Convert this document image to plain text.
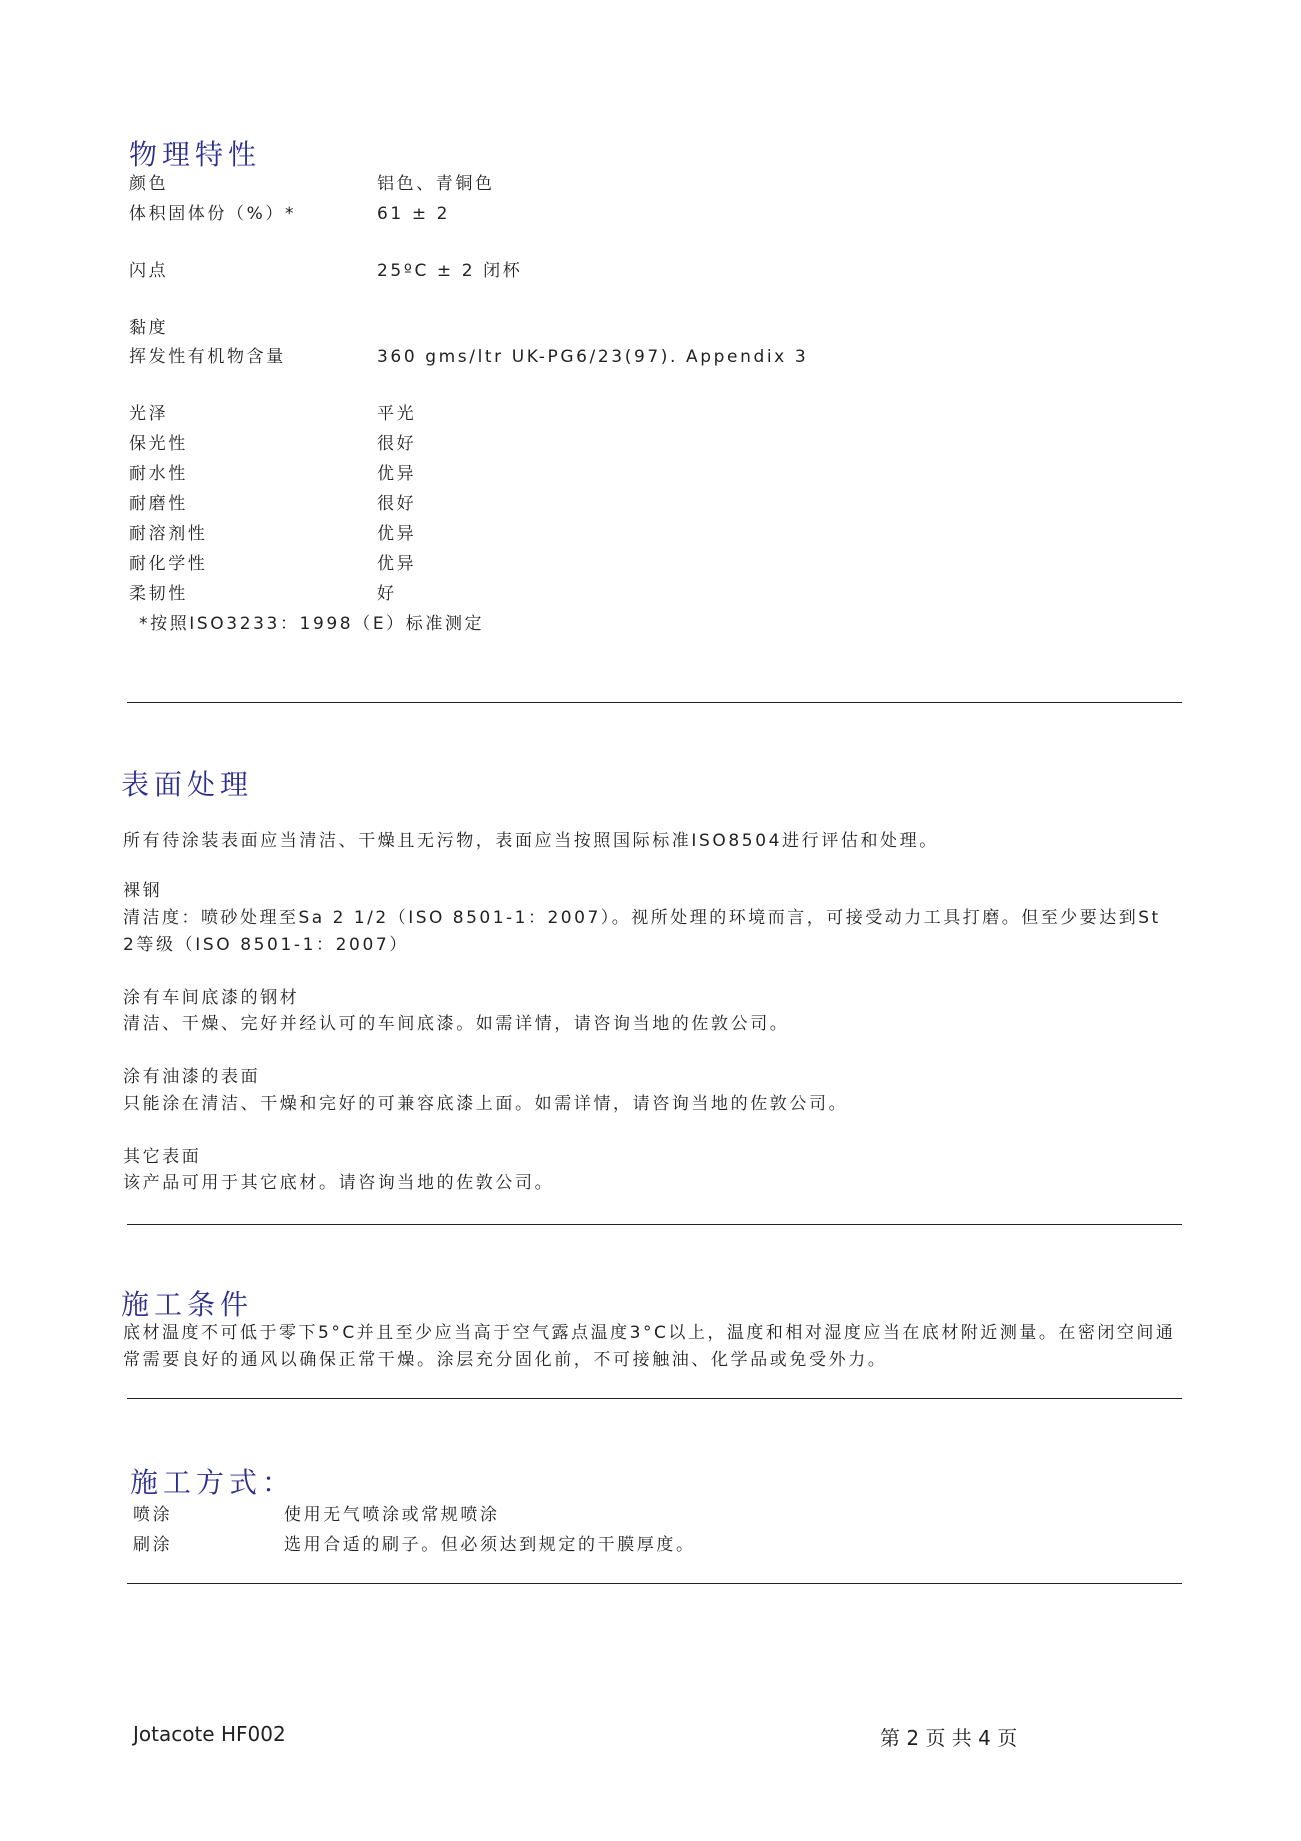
物理特性
颜色	铝色、青铜色
体积固体份（%）*	61 ± 2
闪点	25ºC ± 2 闭杯
黏度
挥发性有机物含量	360 gms/ltr UK-PG6/23(97). Appendix 3
光泽	平光
保光性	很好
耐水性	优异
耐磨性	很好
耐溶剂性	优异
耐化学性	优异
柔韧性	好
*按照ISO3233：1998（E）标准测定
表面处理
所有待涂装表面应当清洁、干燥且无污物，表面应当按照国际标准ISO8504进行评估和处理。
裸钢
清洁度：喷砂处理至Sa 2 1/2（ISO 8501-1：2007）。视所处理的环境而言，可接受动力工具打磨。但至少要达到St
2等级（ISO 8501-1：2007）
涂有车间底漆的钢材
清洁、干燥、完好并经认可的车间底漆。如需详情，请咨询当地的佐敦公司。
涂有油漆的表面
只能涂在清洁、干燥和完好的可兼容底漆上面。如需详情，请咨询当地的佐敦公司。
其它表面
该产品可用于其它底材。请咨询当地的佐敦公司。
施工条件
底材温度不可低于零下5°C并且至少应当高于空气露点温度3°C以上，温度和相对湿度应当在底材附近测量。在密闭空间通
常需要良好的通风以确保正常干燥。涂层充分固化前，不可接触油、化学品或免受外力。
施工方式：
喷涂	使用无气喷涂或常规喷涂
刷涂	选用合适的刷子。但必须达到规定的干膜厚度。
Jotacote HF002	第 2 页 共 4 页
